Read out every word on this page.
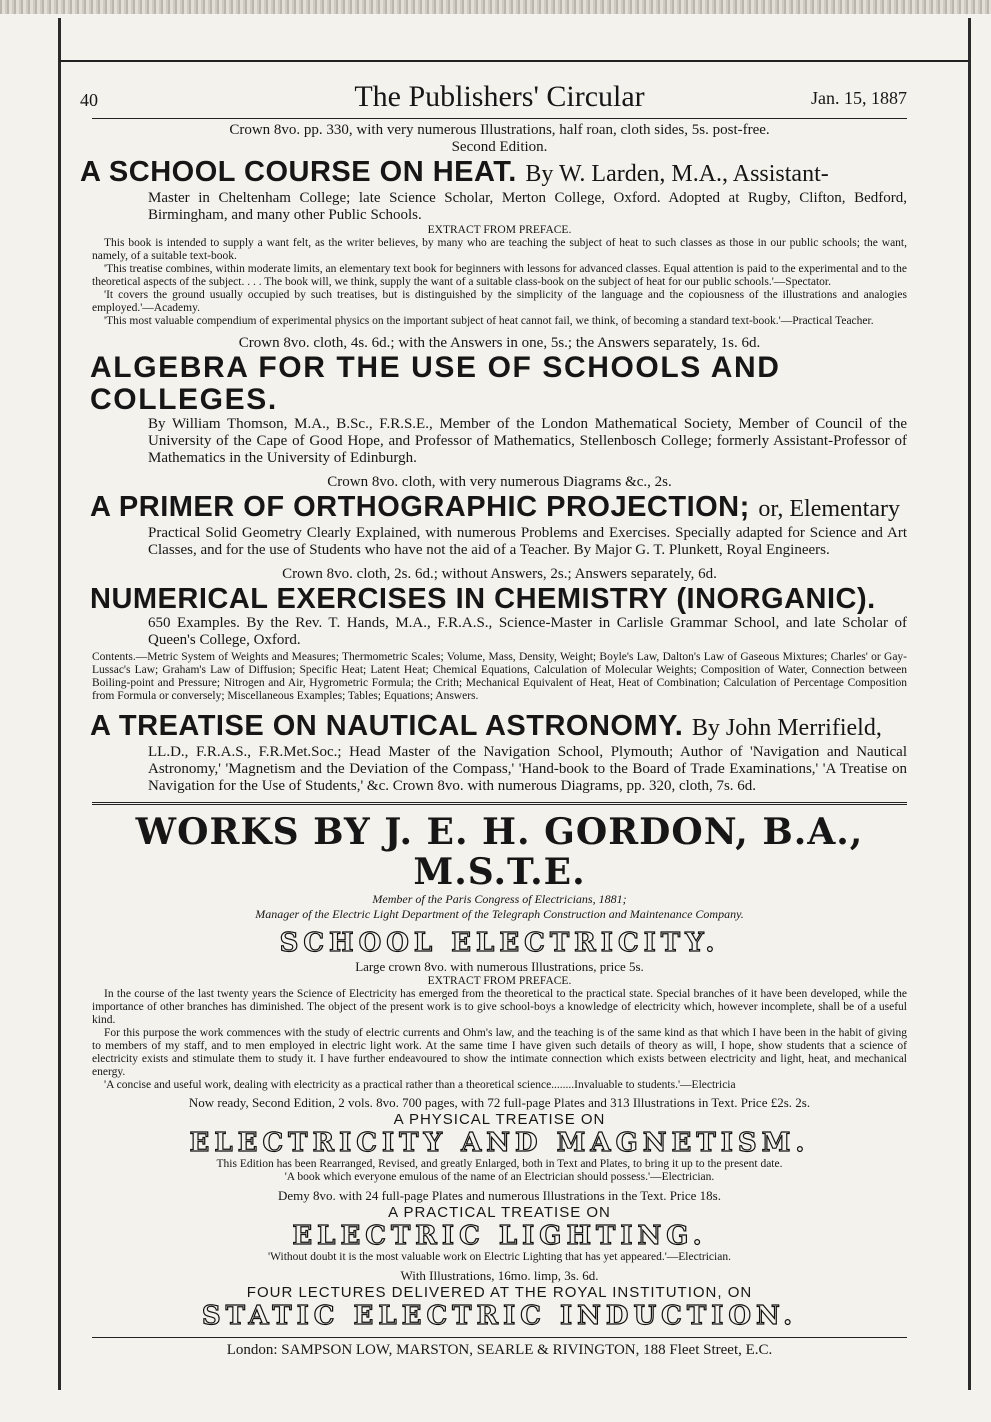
40	The Publishers' Circular	Jan. 15, 1887
Crown 8vo. pp. 330, with very numerous Illustrations, half roan, cloth sides, 5s. post-free.
Second Edition.
A SCHOOL COURSE ON HEAT. By W. Larden, M.A., Assistant-
Master in Cheltenham College; late Science Scholar, Merton College, Oxford. Adopted at Rugby, Clifton, Bedford, Birmingham, and many other Public Schools.
EXTRACT FROM PREFACE.

This book is intended to supply a want felt, as the writer believes, by many who are teaching the subject of heat to such classes as those in our public schools; the want, namely, of a suitable text-book.

'This treatise combines, within moderate limits, an elementary text book for beginners with lessons for advanced classes. Equal attention is paid to the experimental and to the theoretical aspects of the subject. . . . The book will, we think, supply the want of a suitable class-book on the subject of heat for our public schools.'—Spectator.

'It covers the ground usually occupied by such treatises, but is distinguished by the simplicity of the language and the copiousness of the illustrations and analogies employed.'—Academy.

'This most valuable compendium of experimental physics on the important subject of heat cannot fail, we think, of becoming a standard text-book.'—Practical Teacher.

Crown 8vo. cloth, 4s. 6d.; with the Answers in one, 5s.; the Answers separately, 1s. 6d.
ALGEBRA FOR THE USE OF SCHOOLS AND COLLEGES.
By William Thomson, M.A., B.Sc., F.R.S.E., Member of the London Mathematical Society, Member of Council of the University of the Cape of Good Hope, and Professor of Mathematics, Stellenbosch College; formerly Assistant-Professor of Mathematics in the University of Edinburgh.
Crown 8vo. cloth, with very numerous Diagrams &c., 2s.
A PRIMER OF ORTHOGRAPHIC PROJECTION; or, Elementary
Practical Solid Geometry Clearly Explained, with numerous Problems and Exercises. Specially adapted for Science and Art Classes, and for the use of Students who have not the aid of a Teacher. By Major G. T. Plunkett, Royal Engineers.
Crown 8vo. cloth, 2s. 6d.; without Answers, 2s.; Answers separately, 6d.
NUMERICAL EXERCISES IN CHEMISTRY (INORGANIC).
650 Examples. By the Rev. T. Hands, M.A., F.R.A.S., Science-Master in Carlisle Grammar School, and late Scholar of Queen's College, Oxford.
Contents.—Metric System of Weights and Measures; Thermometric Scales; Volume, Mass, Density, Weight; Boyle's Law, Dalton's Law of Gaseous Mixtures; Charles' or Gay-Lussac's Law; Graham's Law of Diffusion; Specific Heat; Latent Heat; Chemical Equations, Calculation of Molecular Weights; Composition of Water, Connection between Boiling-point and Pressure; Nitrogen and Air, Hygrometric Formula; the Crith; Mechanical Equivalent of Heat, Heat of Combination; Calculation of Percentage Composition from Formula or conversely; Miscellaneous Examples; Tables; Equations; Answers.
A TREATISE ON NAUTICAL ASTRONOMY. By John Merrifield,
LL.D., F.R.A.S., F.R.Met.Soc.; Head Master of the Navigation School, Plymouth; Author of 'Navigation and Nautical Astronomy,' 'Magnetism and the Deviation of the Compass,' 'Hand-book to the Board of Trade Examinations,' 'A Treatise on Navigation for the Use of Students,' &c. Crown 8vo. with numerous Diagrams, pp. 320, cloth, 7s. 6d.
WORKS BY J. E. H. GORDON, B.A., M.S.T.E.
Member of the Paris Congress of Electricians, 1881;
Manager of the Electric Light Department of the Telegraph Construction and Maintenance Company.
SCHOOL ELECTRICITY.
Large crown 8vo. with numerous Illustrations, price 5s.
EXTRACT FROM PREFACE.

In the course of the last twenty years the Science of Electricity has emerged from the theoretical to the practical state. Special branches of it have been developed, while the importance of other branches has diminished. The object of the present work is to give school-boys a knowledge of electricity which, however incomplete, shall be of a useful kind.

For this purpose the work commences with the study of electric currents and Ohm's law, and the teaching is of the same kind as that which I have been in the habit of giving to members of my staff, and to men employed in electric light work. At the same time I have given such details of theory as will, I hope, show students that a science of electricity exists and stimulate them to study it. I have further endeavoured to show the intimate connection which exists between electricity and light, heat, and mechanical energy.

'A concise and useful work, dealing with electricity as a practical rather than a theoretical science........Invaluable to students.'—Electricia

Now ready, Second Edition, 2 vols. 8vo. 700 pages, with 72 full-page Plates and 313 Illustrations in Text. Price £2s. 2s.
A PHYSICAL TREATISE ON
ELECTRICITY AND MAGNETISM.
This Edition has been Rearranged, Revised, and greatly Enlarged, both in Text and Plates, to bring it up to the present date.
'A book which everyone emulous of the name of an Electrician should possess.'—Electrician.
Demy 8vo. with 24 full-page Plates and numerous Illustrations in the Text. Price 18s.
A PRACTICAL TREATISE ON
ELECTRIC LIGHTING.
'Without doubt it is the most valuable work on Electric Lighting that has yet appeared.'—Electrician.
With Illustrations, 16mo. limp, 3s. 6d.
FOUR LECTURES DELIVERED AT THE ROYAL INSTITUTION, ON
STATIC ELECTRIC INDUCTION.
London: SAMPSON LOW, MARSTON, SEARLE & RIVINGTON, 188 Fleet Street, E.C.
